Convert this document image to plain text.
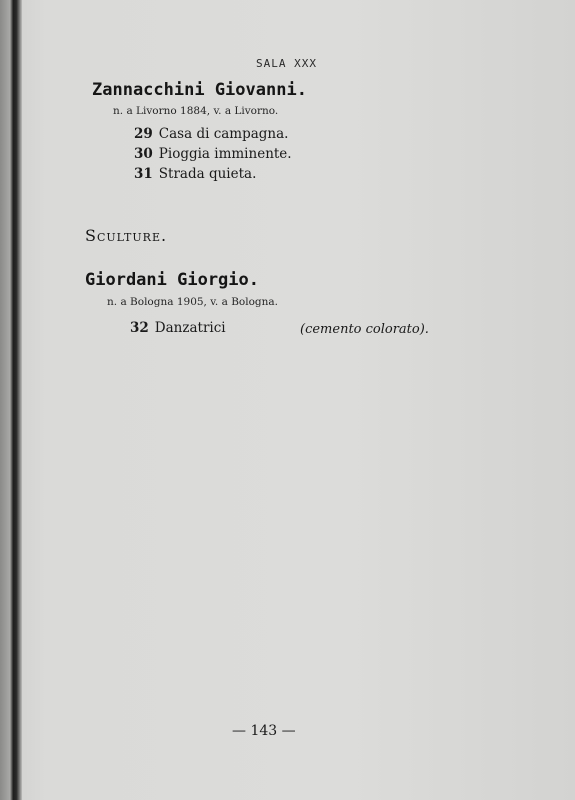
SALA XXX
Zannacchini Giovanni.
n. a Livorno 1884, v. a Livorno.
29 Casa di campagna.
30 Pioggia imminente.
31 Strada quieta.
Sculture.
Giordani Giorgio.
n. a Bologna 1905, v. a Bologna.
32 Danzatrici	(cemento colorato).
— 143 —
